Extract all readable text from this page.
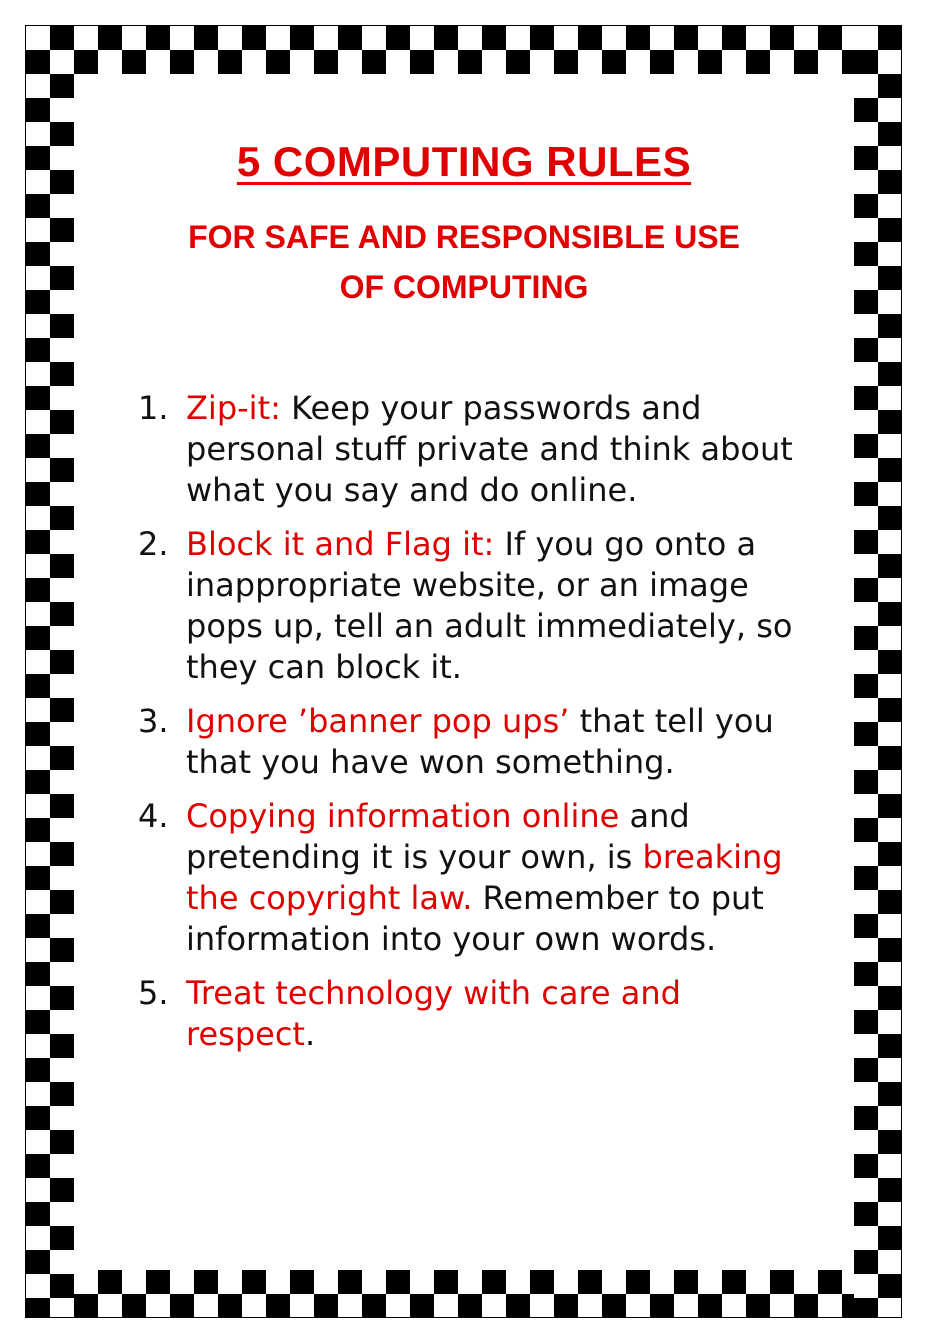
5 COMPUTING RULES
FOR SAFE AND RESPONSIBLE USE
OF COMPUTING
1. Zip-it: Keep your passwords and personal stuff private and think about what you say and do online.
2. Block it and Flag it: If you go onto a inappropriate website, or an image pops up, tell an adult immediately, so they can block it.
3. Ignore ’banner pop ups’ that tell you that you have won something.
4. Copying information online and pretending it is your own, is breaking the copyright law. Remember to put information into your own words.
5. Treat technology with care and respect.
